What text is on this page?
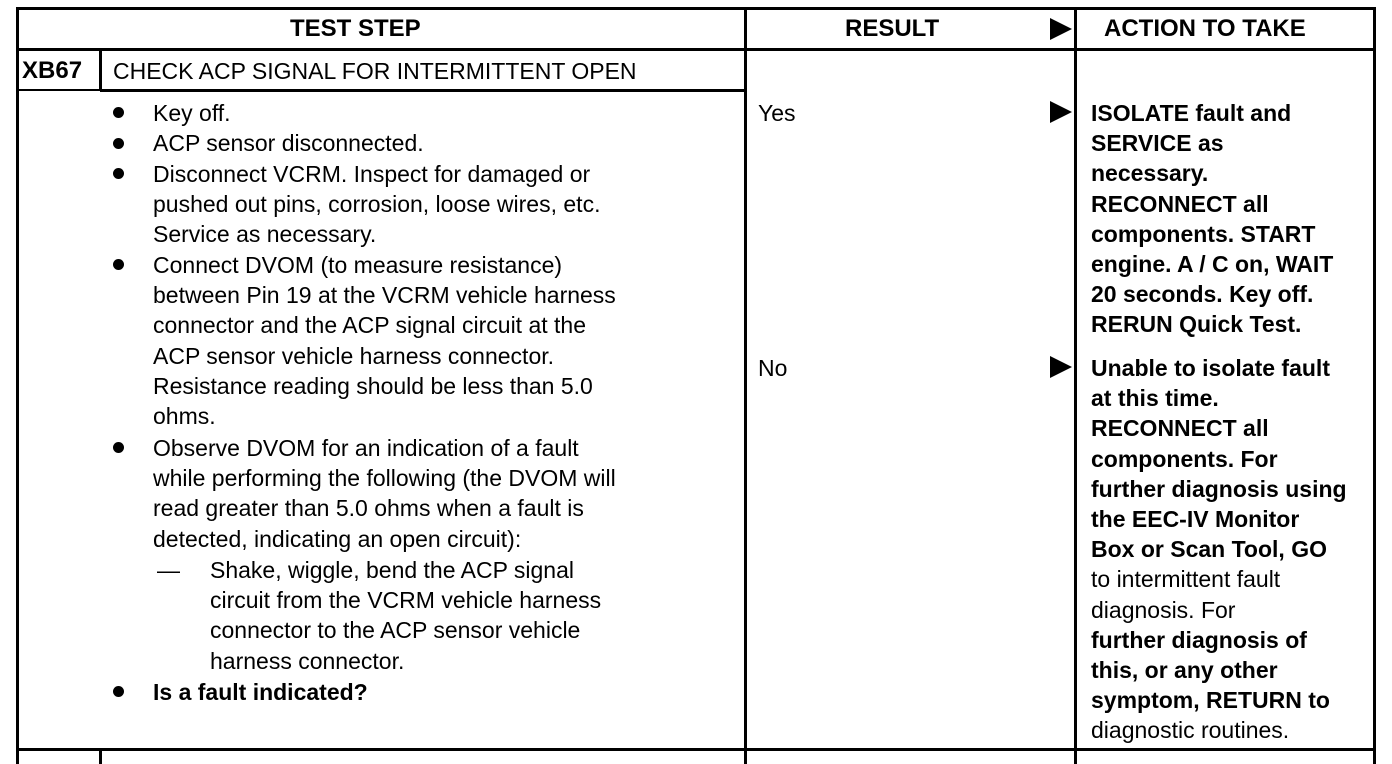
TEST STEP	RESULT	ACTION TO TAKE
XB67 CHECK ACP SIGNAL FOR INTERMITTENT OPEN
Key off.
ACP sensor disconnected.
Disconnect VCRM. Inspect for damaged or
pushed out pins, corrosion, loose wires, etc.
Service as necessary.
Connect DVOM (to measure resistance)
between Pin 19 at the VCRM vehicle harness
connector and the ACP signal circuit at the
ACP sensor vehicle harness connector.
Resistance reading should be less than 5.0
ohms.
Observe DVOM for an indication of a fault
while performing the following (the DVOM will
read greater than 5.0 ohms when a fault is
detected, indicating an open circuit):
— Shake, wiggle, bend the ACP signal
circuit from the VCRM vehicle harness
connector to the ACP sensor vehicle
harness connector.
Is a fault indicated?
Yes	ISOLATE fault and
SERVICE as
necessary.
RECONNECT all
components. START
engine. A / C on, WAIT
20 seconds. Key off.
RERUN Quick Test.
No	Unable to isolate fault
at this time.
RECONNECT all
components. For
further diagnosis using
the EEC-IV Monitor
Box or Scan Tool, GO
to intermittent fault
diagnosis. For
further diagnosis of
this, or any other
symptom, RETURN to
diagnostic routines.
